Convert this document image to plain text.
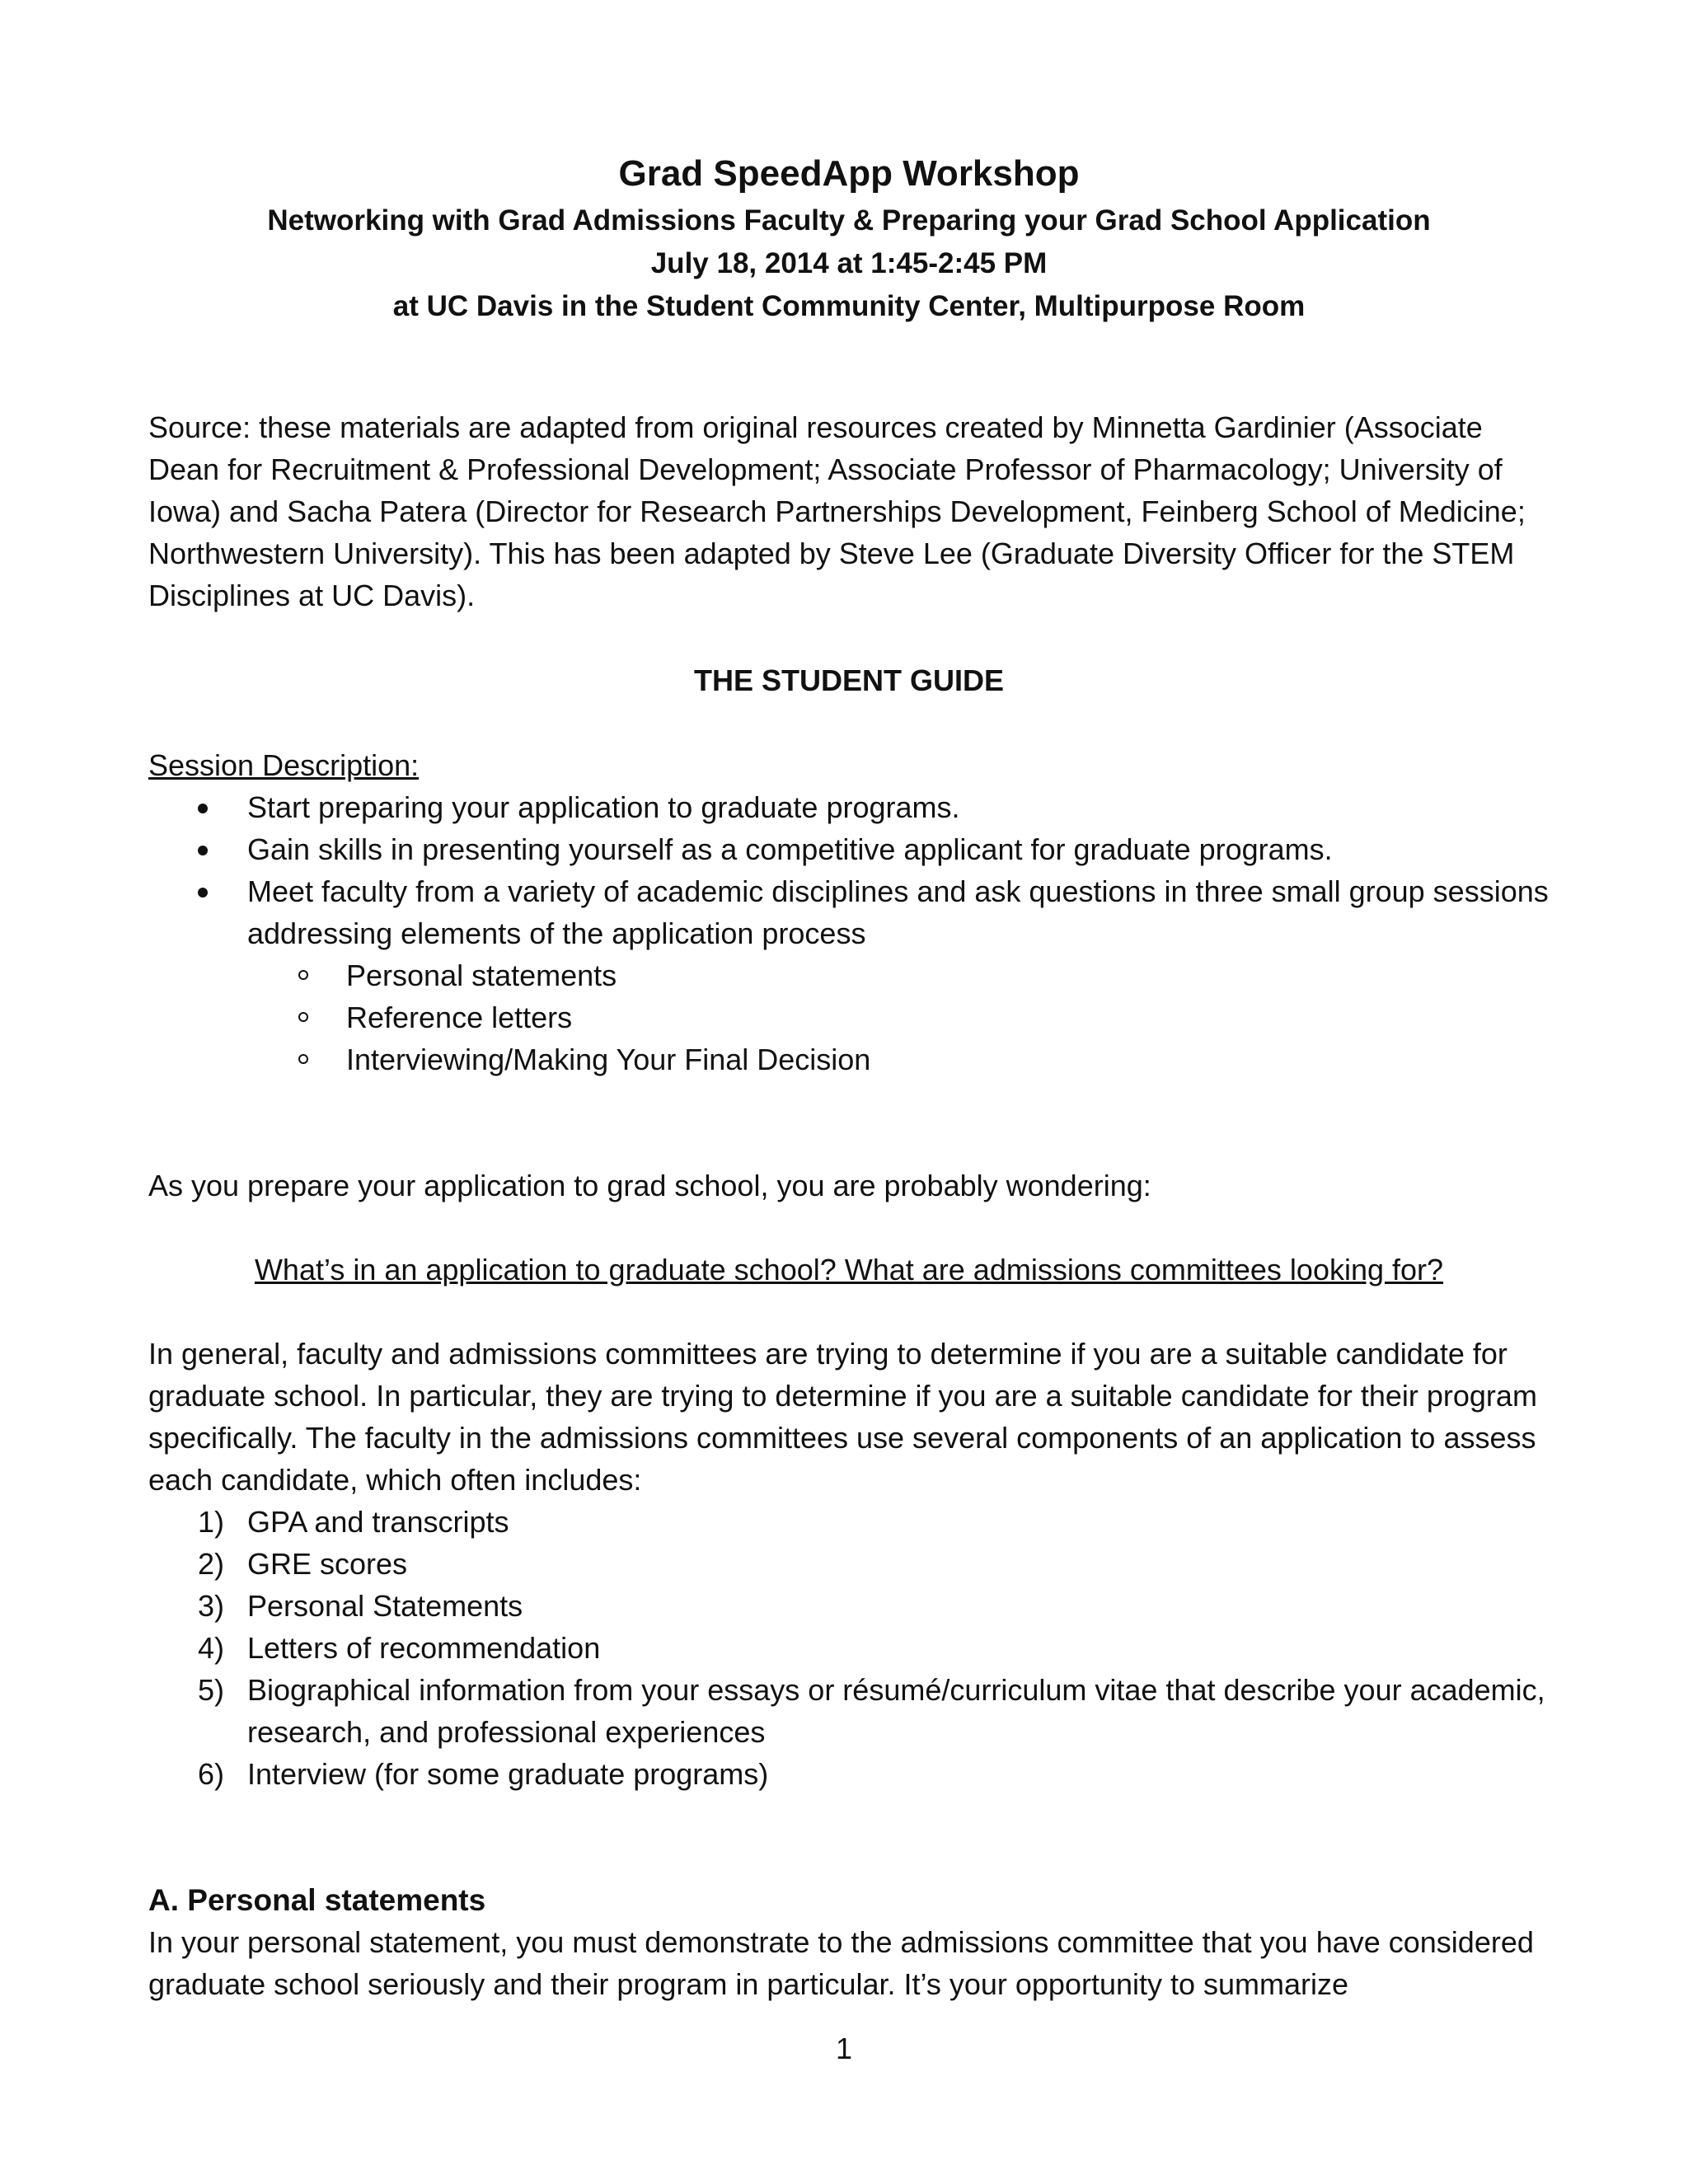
Grad SpeedApp Workshop

Networking with Grad Admissions Faculty & Preparing your Grad School Application

July 18, 2014 at 1:45-2:45 PM

at UC Davis in the Student Community Center, Multipurpose Room

Source: these materials are adapted from original resources created by Minnetta Gardinier (Associate Dean for Recruitment & Professional Development; Associate Professor of Pharmacology; University of Iowa) and Sacha Patera (Director for Research Partnerships Development, Feinberg School of Medicine; Northwestern University). This has been adapted by Steve Lee (Graduate Diversity Officer for the STEM Disciplines at UC Davis).

THE STUDENT GUIDE
Session Description:
Start preparing your application to graduate programs.
Gain skills in presenting yourself as a competitive applicant for graduate programs.
Meet faculty from a variety of academic disciplines and ask questions in three small group sessions addressing elements of the application process
Personal statements
Reference letters
Interviewing/Making Your Final Decision

As you prepare your application to grad school, you are probably wondering:

What’s in an application to graduate school? What are admissions committees looking for?

In general, faculty and admissions committees are trying to determine if you are a suitable candidate for graduate school. In particular, they are trying to determine if you are a suitable candidate for their program specifically. The faculty in the admissions committees use several components of an application to assess each candidate, which often includes:

1) GPA and transcripts
2) GRE scores
3) Personal Statements
4) Letters of recommendation
5) Biographical information from your essays or résumé/curriculum vitae that describe your academic, research, and professional experiences
6) Interview (for some graduate programs)
A. Personal statements

In your personal statement, you must demonstrate to the admissions committee that you have considered graduate school seriously and their program in particular. It’s your opportunity to summarize

1
